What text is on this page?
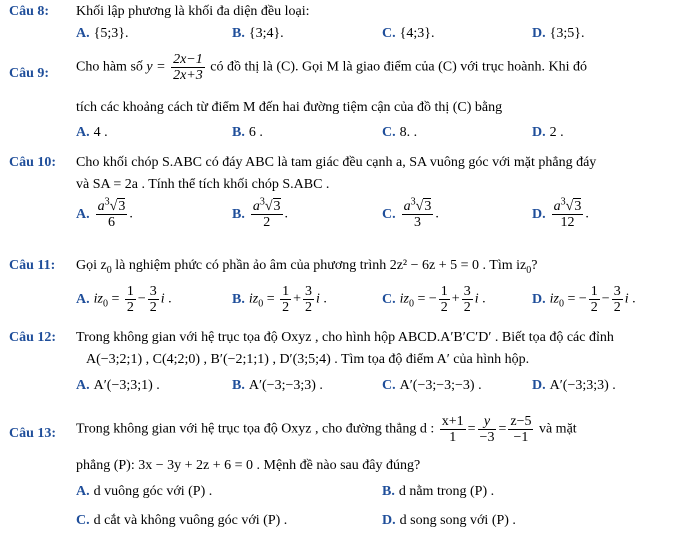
Câu 8: Khối lập phương là khối đa diện đều loại:
A. {5;3}.	B. {3;4}.	C. {4;3}.	D. {3;5}.
Câu 9: Cho hàm số $y = \frac{2x-1}{2x+3}$ có đồ thị là (C). Gọi M là giao điểm của (C) với trục hoành. Khi đó
tích các khoảng cách từ điểm M đến hai đường tiệm cận của đồ thị (C) bằng
A. 4 .	B. 6 .	C. 8. .	D. 2 .
Câu 10: Cho khối chóp S.ABC có đáy ABC là tam giác đều cạnh a, SA vuông góc với mặt phẳng đáy
và SA = 2a . Tính thể tích khối chóp S.ABC .
A. $\frac{a^3√3}{6}$ .	B. $\frac{a^3√3}{2}$ .	C. $\frac{a^3√3}{3}$ .	D. $\frac{a^3√3}{12}$ .
Câu 11: Gọi $z_0$ là nghiệm phức có phần ảo âm của phương trình 2z² − 6z + 5 = 0 . Tìm $iz_0$?
A. $iz_0 = \frac{1}{2} - \frac{3}{2}$ i .	B. $iz_0 = \frac{1}{2} + \frac{3}{2}$ i .	C. $iz_0$ = − $\frac{1}{2} + \frac{3}{2}$ i .	D. $iz_0$ = − $\frac{1}{2} - \frac{3}{2}$ i .
Câu 12: Trong không gian với hệ trục tọa độ Oxyz , cho hình hộp ABCD.A′B′C′D′ . Biết tọa độ các đỉnh
A(−3;2;1) , C(4;2;0) , B′(−2;1;1) , D′(3;5;4) . Tìm tọa độ điểm A′ của hình hộp.
A. A′(−3;3;1) .	B. A′(−3;−3;3) .	C. A′(−3;−3;−3) .	D. A′(−3;3;3) .
Câu 13: Trong không gian với hệ trục tọa độ Oxyz , cho đường thẳng d : $\frac{x+1}{1} = \frac{y}{-3} = \frac{z-5}{-1}$ và mặt
phẳng (P): 3x − 3y + 2z + 6 = 0 . Mệnh đề nào sau đây đúng?
A. d vuông góc với (P) .	B. d nằm trong (P) .
C. d cắt và không vuông góc với (P) .	D. d song song với (P) .
